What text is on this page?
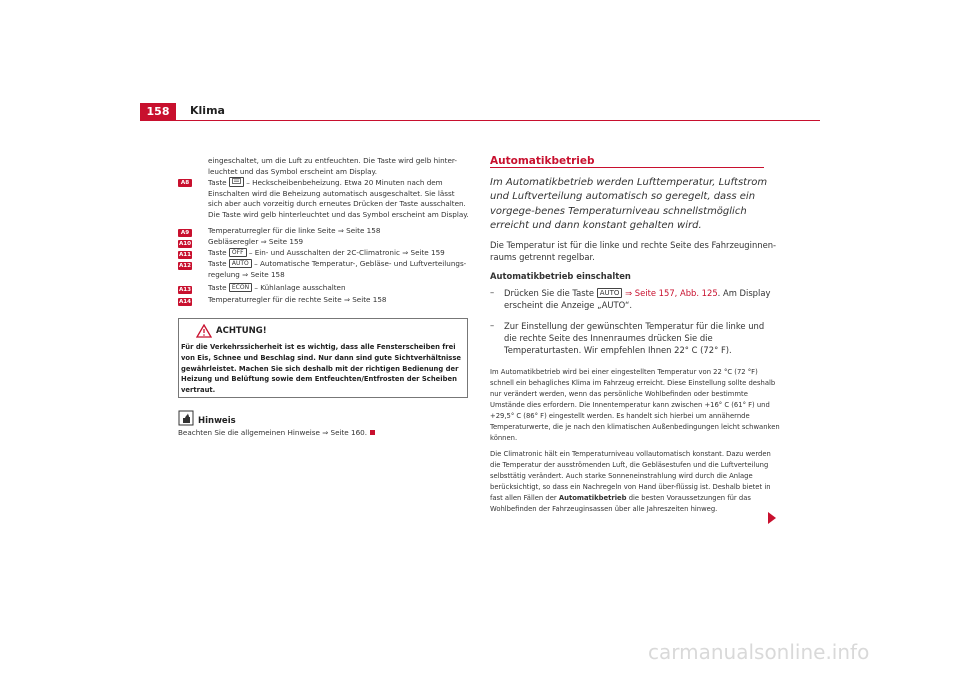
158	Klima
eingeschaltet, um die Luft zu entfeuchten. Die Taste wird gelb hinter-leuchtet und das Symbol erscheint am Display.
A8	Taste	– Heckscheibenbeheizung. Etwa 20 Minuten nach dem Einschalten wird die Beheizung automatisch ausgeschaltet. Sie lässt sich aber auch vorzeitig durch erneutes Drücken der Taste ausschalten. Die Taste wird gelb hinterleuchtet und das Symbol erscheint am Display.
A9	Temperaturregler für die linke Seite ⇒ Seite 158
A10 Gebläseregler ⇒ Seite 159
A11 Taste OFF – Ein- und Ausschalten der 2C-Climatronic ⇒ Seite 159
A12 Taste AUTO – Automatische Temperatur-, Gebläse- und Luftverteilungs-regelung ⇒ Seite 158
A13 Taste ECON – Kühlanlage ausschalten
A14 Temperaturregler für die rechte Seite ⇒ Seite 158
ACHTUNG!
Für die Verkehrssicherheit ist es wichtig, dass alle Fensterscheiben frei von Eis, Schnee und Beschlag sind. Nur dann sind gute Sichtverhältnisse gewährleistet. Machen Sie sich deshalb mit der richtigen Bedienung der Heizung und Belüftung sowie dem Entfeuchten/Entfrosten der Scheiben vertraut.
Hinweis
Beachten Sie die allgemeinen Hinweise ⇒ Seite 160.
Automatikbetrieb
Im Automatikbetrieb werden Lufttemperatur, Luftstrom und Luftverteilung automatisch so geregelt, dass ein vorgege-benes Temperaturniveau schnellstmöglich erreicht und dann konstant gehalten wird.
Die Temperatur ist für die linke und rechte Seite des Fahrzeuginnen-raums getrennt regelbar.
Automatikbetrieb einschalten
– Drücken Sie die Taste AUTO ⇒ Seite 157, Abb. 125. Am Display erscheint die Anzeige „AUTO“.
– Zur Einstellung der gewünschten Temperatur für die linke und die rechte Seite des Innenraumes drücken Sie die Temperaturtasten. Wir empfehlen Ihnen 22° C (72° F).
Im Automatikbetrieb wird bei einer eingestellten Temperatur von 22 °C (72 °F) schnell ein behagliches Klima im Fahrzeug erreicht. Diese Einstellung sollte deshalb nur verändert werden, wenn das persönliche Wohlbefinden oder bestimmte Umstände dies erfordern. Die Innentemperatur kann zwischen +16° C (61° F) und +29,5° C (86° F) eingestellt werden. Es handelt sich hierbei um annähernde Temperaturwerte, die je nach den klimatischen Außenbedingungen leicht schwanken können.
Die Climatronic hält ein Temperaturniveau vollautomatisch konstant. Dazu werden die Temperatur der ausströmenden Luft, die Gebläsestufen und die Luftverteilung selbsttätig verändert. Auch starke Sonneneinstrahlung wird durch die Anlage berücksichtigt, so dass ein Nachregeln von Hand über-flüssig ist. Deshalb bietet in fast allen Fällen der Automatikbetrieb die besten Voraussetzungen für das Wohlbefinden der Fahrzeuginsassen über alle Jahreszeiten hinweg.
carmanualsonline.info
